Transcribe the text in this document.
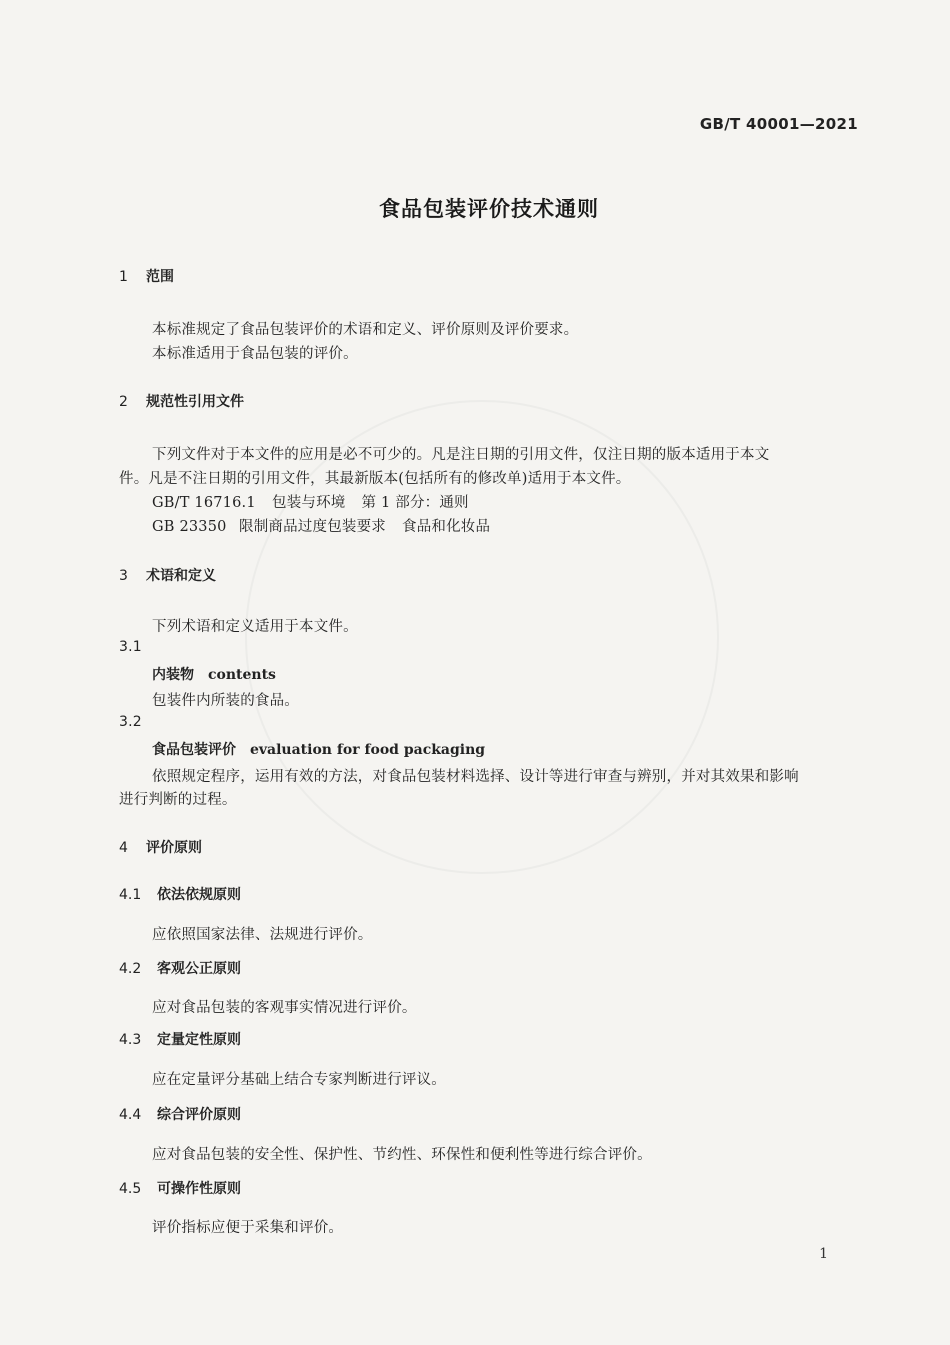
GB/T 40001—2021
食品包装评价技术通则
1 范围
本标准规定了食品包装评价的术语和定义、评价原则及评价要求。
本标准适用于食品包装的评价。
2 规范性引用文件
下列文件对于本文件的应用是必不可少的。凡是注日期的引用文件，仅注日期的版本适用于本文
件。凡是不注日期的引用文件，其最新版本(包括所有的修改单)适用于本文件。
GB/T 16716.1 包装与环境 第 1 部分：通则
GB 23350 限制商品过度包装要求 食品和化妆品
3 术语和定义
下列术语和定义适用于本文件。
3.1
内装物 contents
包装件内所装的食品。
3.2
食品包装评价 evaluation for food packaging
依照规定程序，运用有效的方法，对食品包装材料选择、设计等进行审查与辨别，并对其效果和影响
进行判断的过程。
4 评价原则
4.1 依法依规原则
应依照国家法律、法规进行评价。
4.2 客观公正原则
应对食品包装的客观事实情况进行评价。
4.3 定量定性原则
应在定量评分基础上结合专家判断进行评议。
4.4 综合评价原则
应对食品包装的安全性、保护性、节约性、环保性和便利性等进行综合评价。
4.5 可操作性原则
评价指标应便于采集和评价。
1
